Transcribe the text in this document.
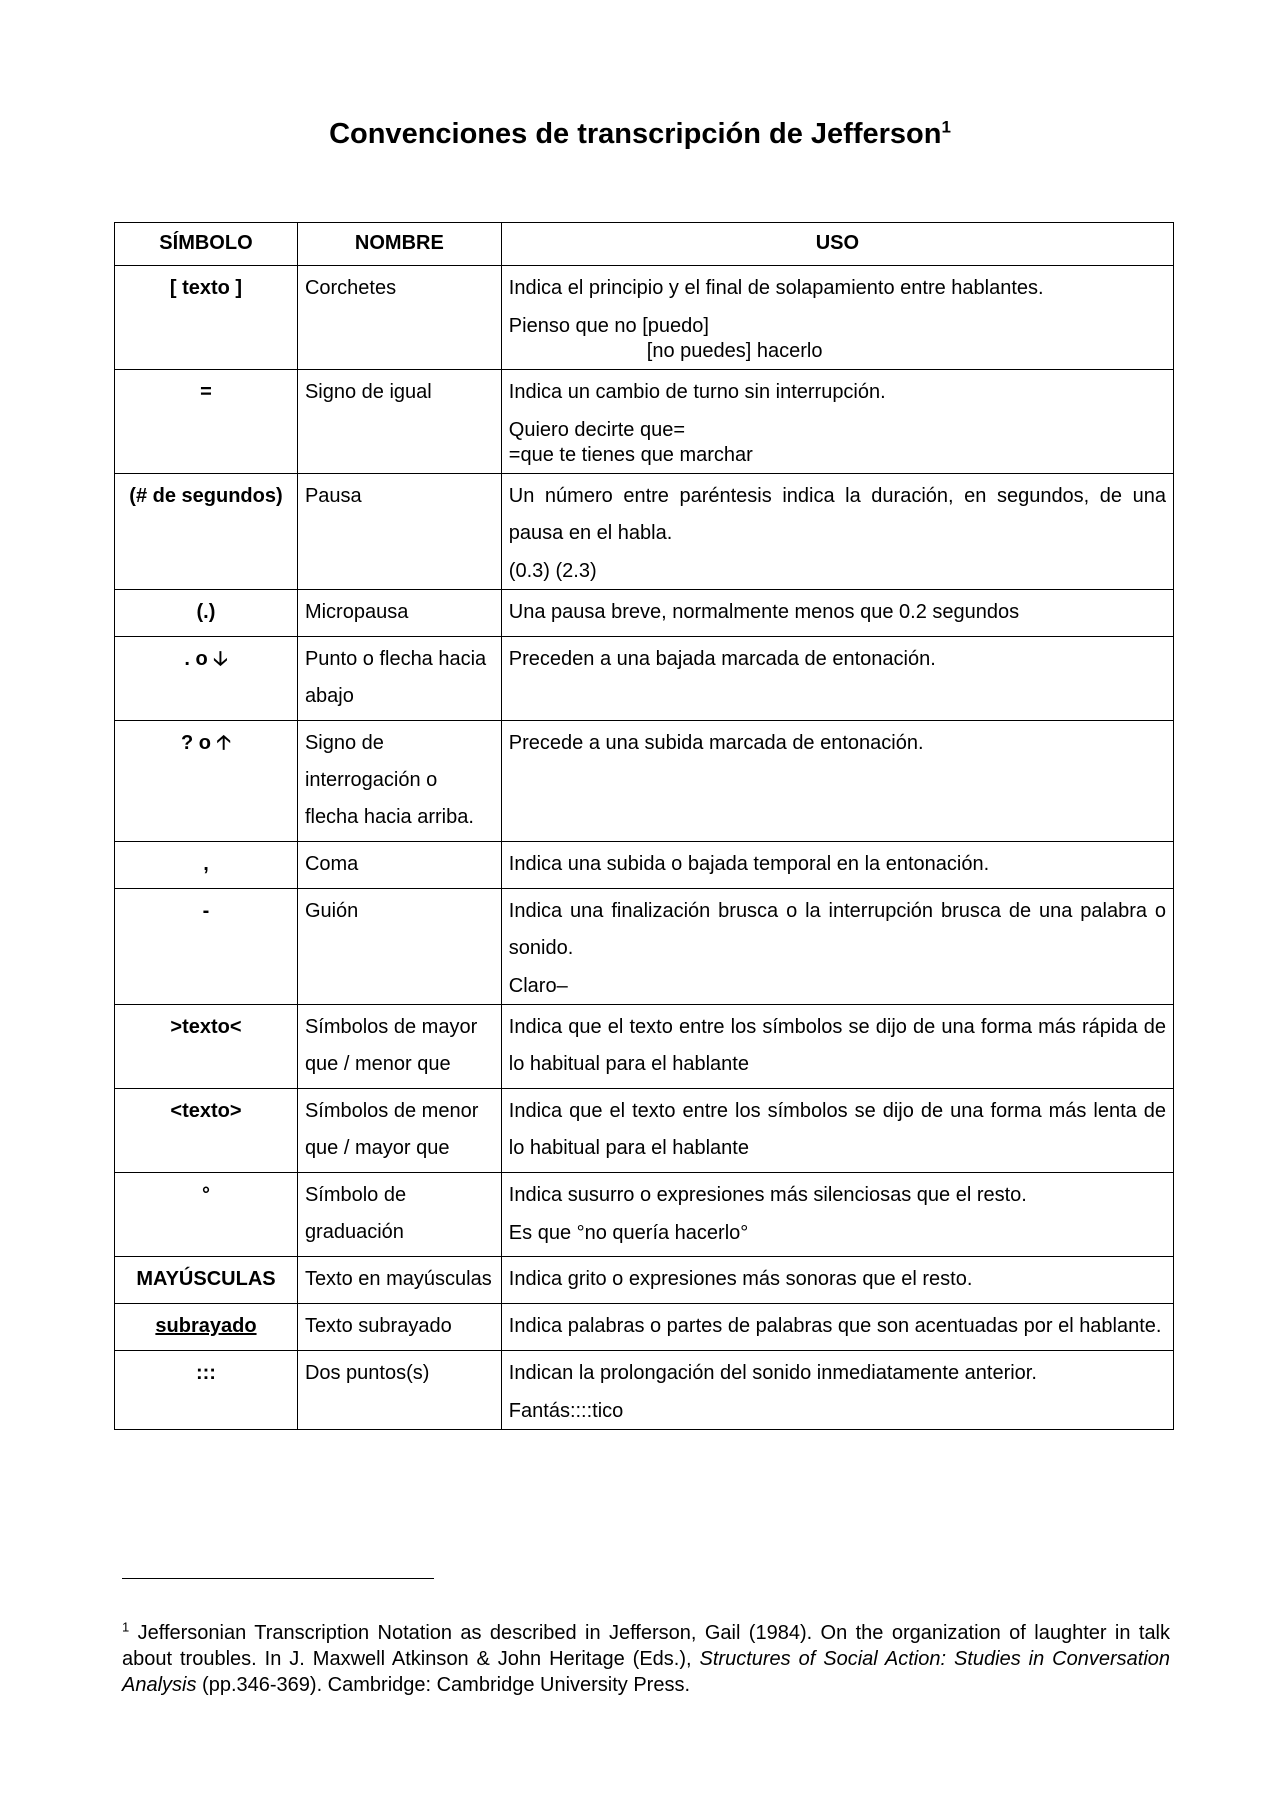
Convenciones de transcripción de Jefferson$^1$
SÍMBOLO	NOMBRE	USO
[ texto ]	Corchetes	Indica el principio y el final de solapamiento entre hablantes.
Pienso que no [puedo]
[no puedes] hacerlo

=	Signo de igual	Indica un cambio de turno sin interrupción.
Quiero decirte que=
=que te tienes que marchar

(# de segundos)	Pausa	Un número entre paréntesis indica la duración, en segundos, de una pausa en el habla.
(0.3) (2.3)

(.)	Micropausa	Una pausa breve, normalmente menos que 0.2 segundos

. o 🡣	Punto o flecha hacia abajo	Preceden a una bajada marcada de entonación.

? o 🡡	Signo de interrogación o flecha hacia arriba.	Precede a una subida marcada de entonación.

,	Coma	Indica una subida o bajada temporal en la entonación.

-	Guión	Indica una finalización brusca o la interrupción brusca de una palabra o sonido.
Claro–

>texto<	Símbolos de mayor que / menor que	Indica que el texto entre los símbolos se dijo de una forma más rápida de lo habitual para el hablante

<texto>	Símbolos de menor que / mayor que	Indica que el texto entre los símbolos se dijo de una forma más lenta de lo habitual para el hablante

°	Símbolo de graduación	Indica susurro o expresiones más silenciosas que el resto.
Es que °no quería hacerlo°

MAYÚSCULAS	Texto en mayúsculas	Indica grito o expresiones más sonoras que el resto.

subrayado	Texto subrayado	Indica palabras o partes de palabras que son acentuadas por el hablante.

:::	Dos puntos(s)	Indican la prolongación del sonido inmediatamente anterior.
Fantás::::tico

$^1$ Jeffersonian Transcription Notation as described in Jefferson, Gail (1984). On the organization of laughter in talk about troubles. In J. Maxwell Atkinson & John Heritage (Eds.), Structures of Social Action: Studies in Conversation Analysis (pp.346-369). Cambridge: Cambridge University Press.
